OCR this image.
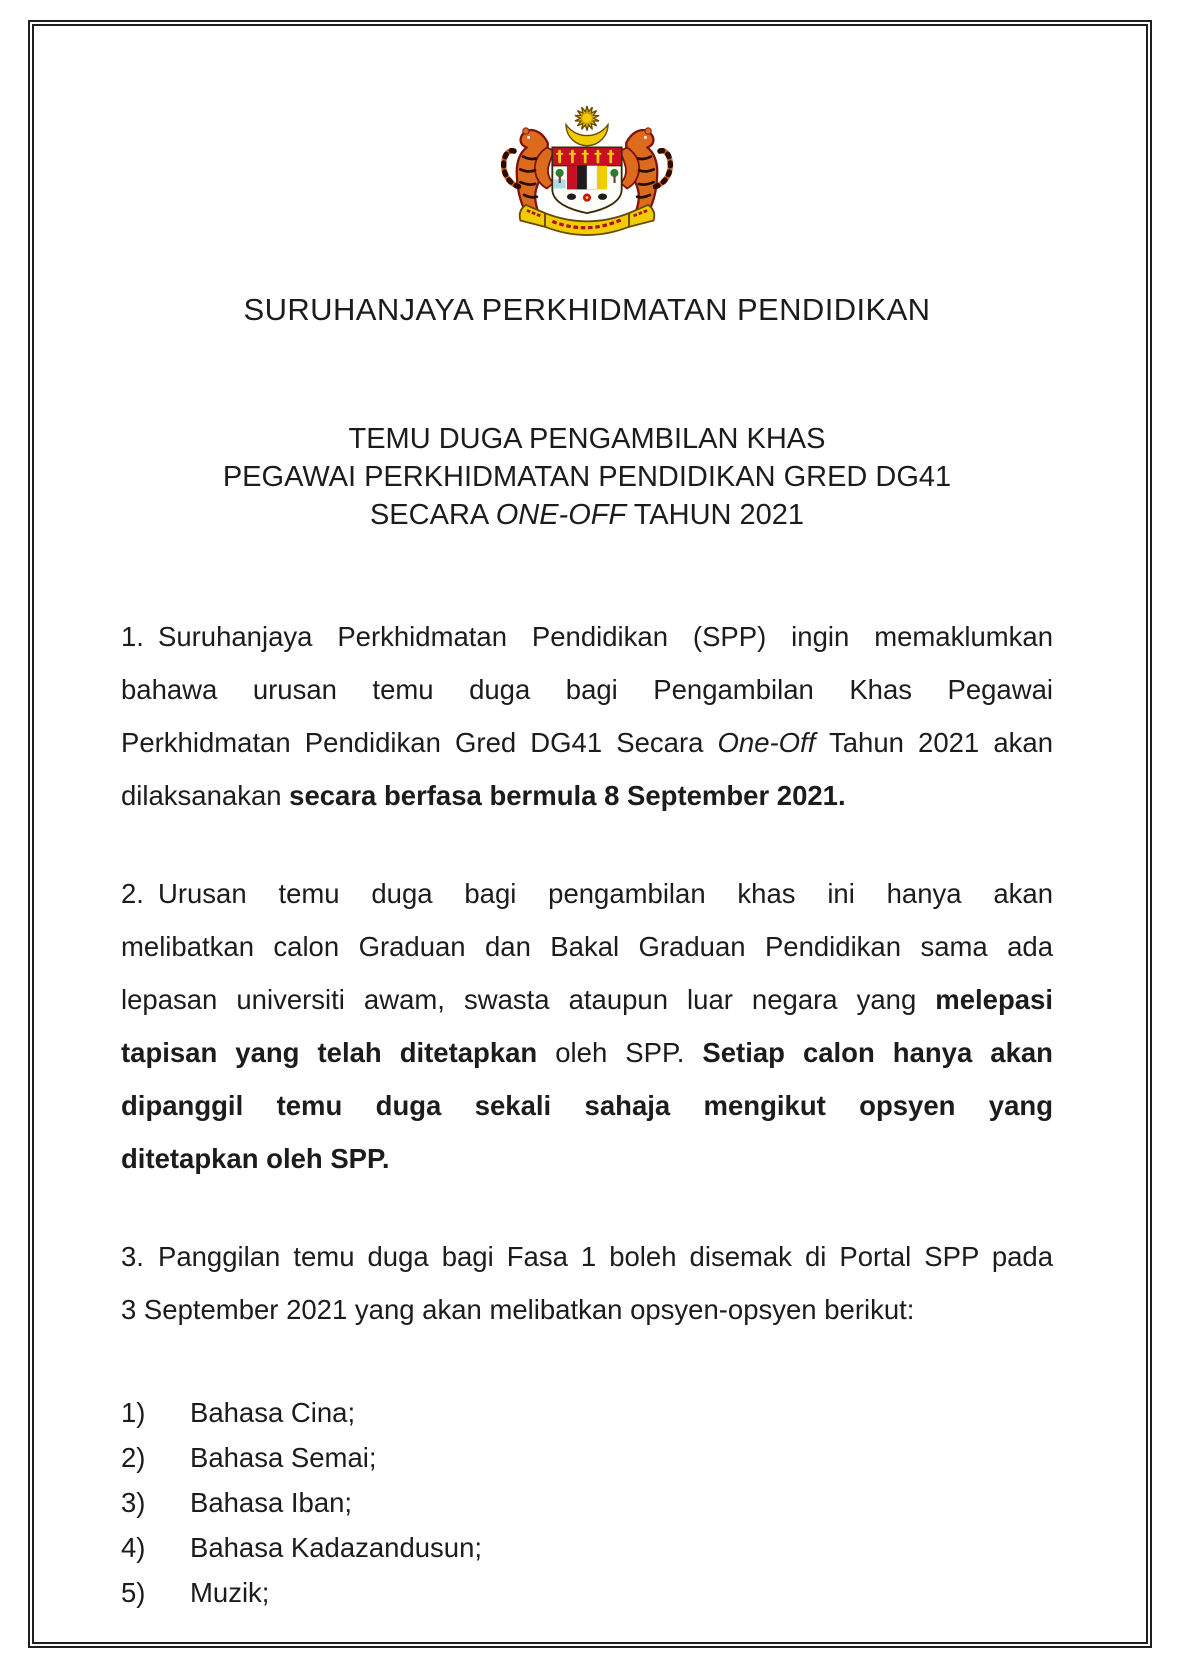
SURUHANJAYA PERKHIDMATAN PENDIDIKAN
TEMU DUGA PENGAMBILAN KHAS
PEGAWAI PERKHIDMATAN PENDIDIKAN GRED DG41
SECARA ONE-OFF TAHUN 2021
1. Suruhanjaya Perkhidmatan Pendidikan (SPP) ingin memaklumkan
bahawa urusan temu duga bagi Pengambilan Khas Pegawai
Perkhidmatan Pendidikan Gred DG41 Secara One-Off Tahun 2021 akan
dilaksanakan secara berfasa bermula 8 September 2021.
2. Urusan temu duga bagi pengambilan khas ini hanya akan
melibatkan calon Graduan dan Bakal Graduan Pendidikan sama ada
lepasan universiti awam, swasta ataupun luar negara yang melepasi
tapisan yang telah ditetapkan oleh SPP. Setiap calon hanya akan
dipanggil temu duga sekali sahaja mengikut opsyen yang
ditetapkan oleh SPP.
3. Panggilan temu duga bagi Fasa 1 boleh disemak di Portal SPP pada
3 September 2021 yang akan melibatkan opsyen-opsyen berikut:
1) Bahasa Cina;
2) Bahasa Semai;
3) Bahasa Iban;
4) Bahasa Kadazandusun;
5) Muzik;
